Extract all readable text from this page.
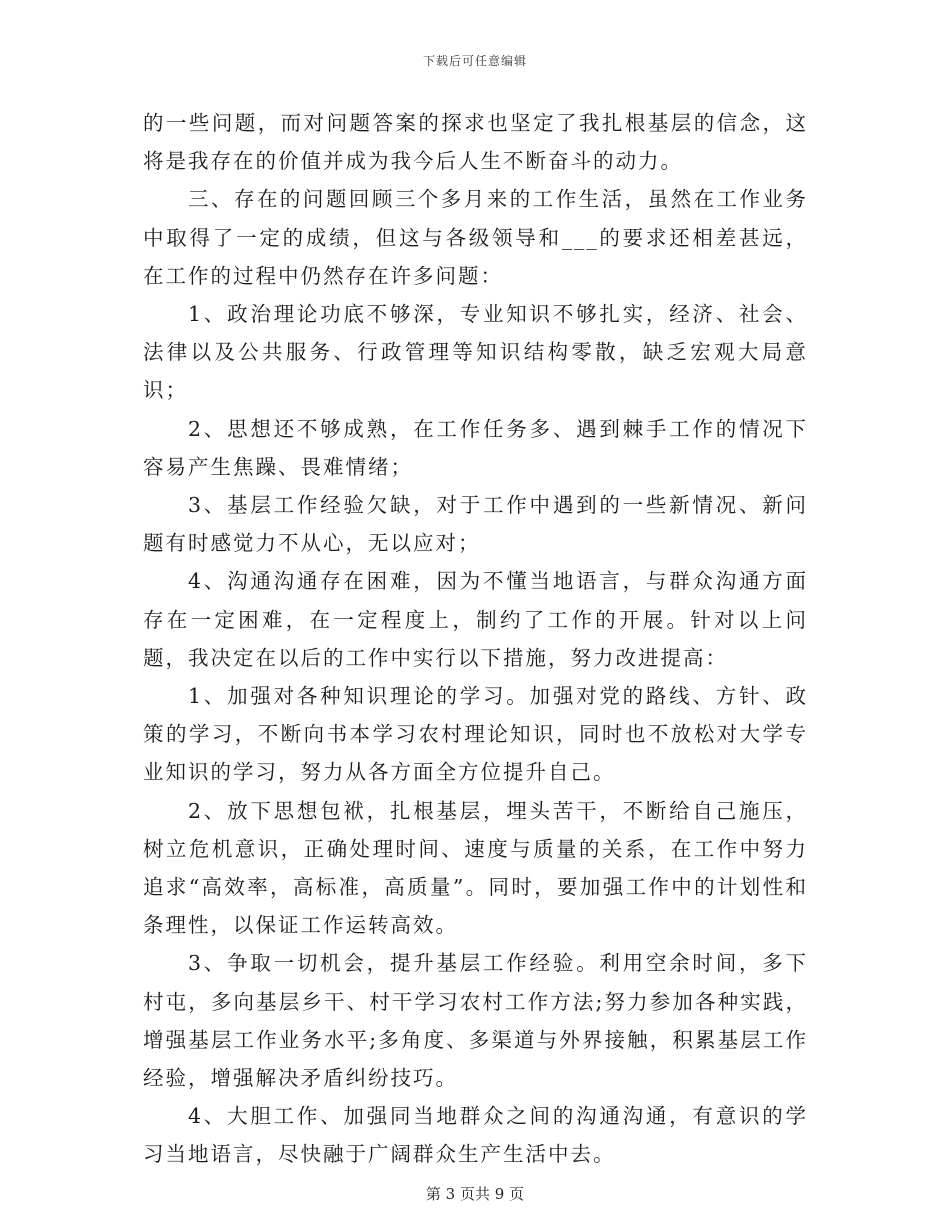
下载后可任意编辑

的一些问题，而对问题答案的探求也坚定了我扎根基层的信念，这将是我存在的价值并成为我今后人生不断奋斗的动力。

三、存在的问题回顾三个多月来的工作生活，虽然在工作业务中取得了一定的成绩，但这与各级领导和___的要求还相差甚远，在工作的过程中仍然存在许多问题：

1、政治理论功底不够深，专业知识不够扎实，经济、社会、法律以及公共服务、行政管理等知识结构零散，缺乏宏观大局意识；

2、思想还不够成熟，在工作任务多、遇到棘手工作的情况下容易产生焦躁、畏难情绪；

3、基层工作经验欠缺，对于工作中遇到的一些新情况、新问题有时感觉力不从心，无以应对；

4、沟通沟通存在困难，因为不懂当地语言，与群众沟通方面存在一定困难，在一定程度上，制约了工作的开展。针对以上问题，我决定在以后的工作中实行以下措施，努力改进提高：

1、加强对各种知识理论的学习。加强对党的路线、方针、政策的学习，不断向书本学习农村理论知识，同时也不放松对大学专业知识的学习，努力从各方面全方位提升自己。

2、放下思想包袱，扎根基层，埋头苦干，不断给自己施压，树立危机意识，正确处理时间、速度与质量的关系，在工作中努力追求“高效率，高标准，高质量”。同时，要加强工作中的计划性和条理性，以保证工作运转高效。

3、争取一切机会，提升基层工作经验。利用空余时间，多下村屯，多向基层乡干、村干学习农村工作方法;努力参加各种实践，增强基层工作业务水平;多角度、多渠道与外界接触，积累基层工作经验，增强解决矛盾纠纷技巧。

4、大胆工作、加强同当地群众之间的沟通沟通，有意识的学习当地语言，尽快融于广阔群众生产生活中去。

第 3 页共 9 页
